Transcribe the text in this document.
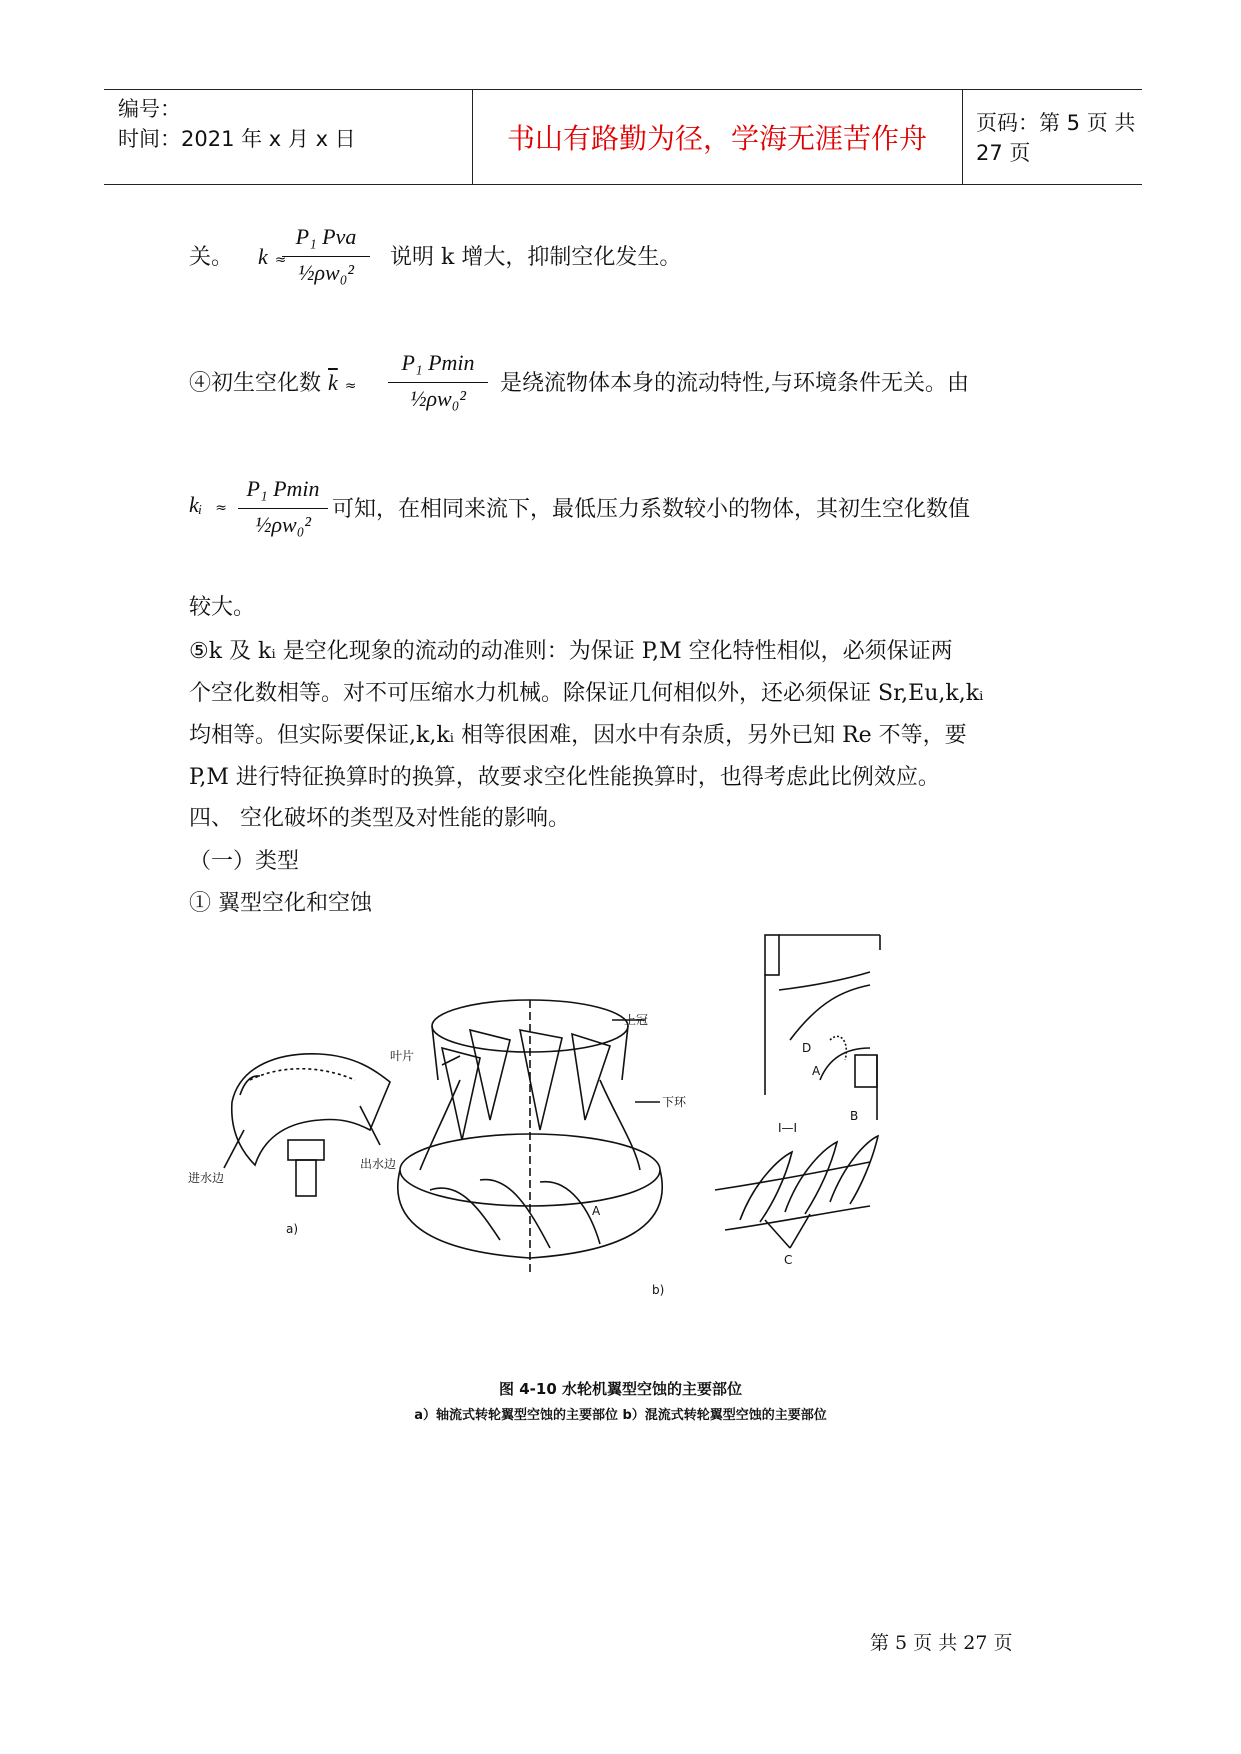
编号：
时间：2021 年 x 月 x 日	书山有路勤为径，学海无涯苦作舟	页码：第 5 页 共 27 页
关。 k ≈
P₁ Pva
½ρw₀²
说明 k 增大，抑制空化发生。
④初生空化数 $\overline{k}$ ≈
P₁ Pmin
½ρw₀²
是绕流物体本身的流动特性,与环境条件无关。由
kᵢ ≈
P₁ Pmin
½ρw₀²
可知，在相同来流下，最低压力系数较小的物体，其初生空化数值
较大。
⑤k 及 kᵢ 是空化现象的流动的动准则：为保证 P,M 空化特性相似，必须保证两
个空化数相等。对不可压缩水力机械。除保证几何相似外，还必须保证 Sr,Eu,k,kᵢ
均相等。但实际要保证,k,kᵢ 相等很困难，因水中有杂质，另外已知 Re 不等，要
P,M 进行特征换算时的换算，故要求空化性能换算时，也得考虑此比例效应。
四、 空化破坏的类型及对性能的影响。
（一）类型
① 翼型空化和空蚀
进水边
出水边
a)
叶片
上冠
下环
A
b)
D
A
B
I—I
C
图 4-10 水轮机翼型空蚀的主要部位
a）轴流式转轮翼型空蚀的主要部位 b）混流式转轮翼型空蚀的主要部位
第 5 页 共 27 页
